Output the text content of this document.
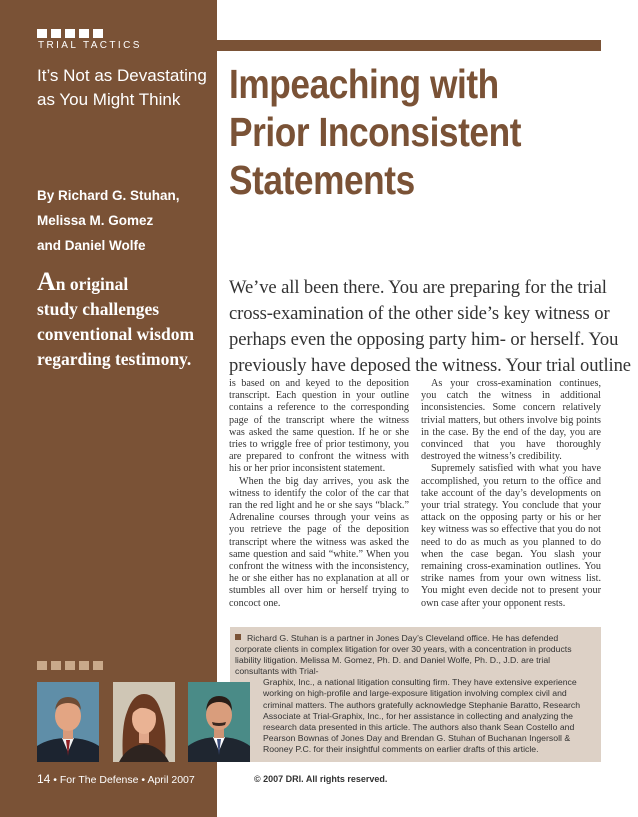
TRIAL TACTICS
It’s Not as Devastating
as You Might Think	Impeaching with
Prior Inconsistent
Statements
By Richard G. Stuhan,
Melissa M. Gomez
and Daniel Wolfe
An original
study challenges
conventional wisdom
regarding testimony.
We’ve all been there. You are preparing for the trial
cross-examination of the other side’s key witness or
perhaps even the opposing party him- or herself. You
previously have deposed the witness. Your trial outline

is based on and keyed to the deposition transcript. Each question in your outline contains a reference to the corresponding page of the transcript where the witness was asked the same question. If he or she tries to wriggle free of prior testimony, you are prepared to confront the witness with his or her prior inconsistent statement.

When the big day arrives, you ask the witness to identify the color of the car that ran the red light and he or she says “black.” Adrenaline courses through your veins as you retrieve the page of the deposition transcript where the witness was asked the same question and said “white.” When you confront the witness with the inconsistency, he or she either has no explanation at all or stumbles all over him or herself trying to concoct one.

As your cross-examination continues, you catch the witness in additional inconsistencies. Some concern relatively trivial matters, but others involve big points in the case. By the end of the day, you are convinced that you have thoroughly destroyed the witness’s credibility.

Supremely satisfied with what you have accomplished, you return to the office and take account of the day’s developments on your trial strategy. You conclude that your attack on the opposing party or his or her key witness was so effective that you do not need to do as much as you planned to do when the case began. You slash your remaining cross-examination outlines. You strike names from your own witness list. You might even decide not to present your own case after your opponent rests.

Richard G. Stuhan is a partner in Jones Day’s Cleveland office. He has defended corporate clients in complex litigation for over 30 years, with a concentration in products liability litigation. Melissa M. Gomez, Ph. D. and Daniel Wolfe, Ph. D., J.D. are trial consultants with Trial-
Graphix, Inc., a national litigation consulting firm. They have extensive experience working on high-profile and large-exposure litigation involving complex civil and criminal matters. The authors gratefully acknowledge Stephanie Baratto, Research Associate at Trial-Graphix, Inc., for her assistance in collecting and analyzing the research data presented in this article. The authors also thank Sean Costello and Pearson Bownas of Jones Day and Brendan G. Stuhan of Buchanan Ingersoll & Rooney P.C. for their insightful comments on earlier drafts of this article.
14 • For The Defense • April 2007	© 2007 DRI. All rights reserved.
